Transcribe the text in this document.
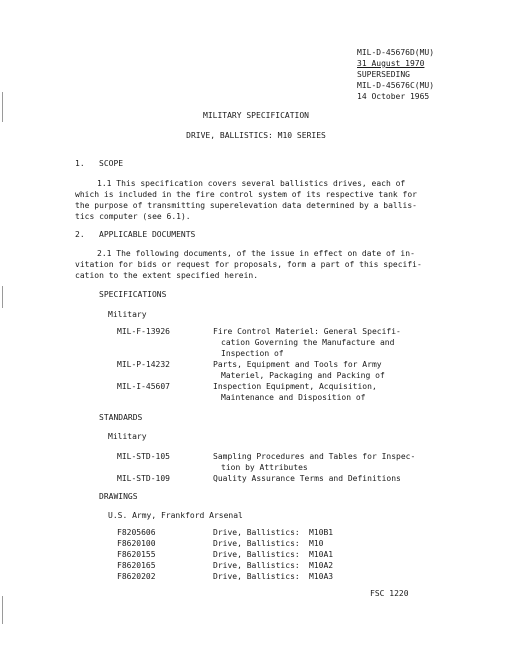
MIL-D-45676D(MU)
31 August 1970
SUPERSEDING
MIL-D-45676C(MU)
14 October 1965
MILITARY SPECIFICATION
DRIVE, BALLISTICS: M10 SERIES
1. SCOPE
1.1 This specification covers several ballistics drives, each of
which is included in the fire control system of its respective tank for
the purpose of transmitting superelevation data determined by a ballis-
tics computer (see 6.1).
2. APPLICABLE DOCUMENTS
2.1 The following documents, of the issue in effect on date of in-
vitation for bids or request for proposals, form a part of this specifi-
cation to the extent specified herein.
SPECIFICATIONS
Military
MIL-F-13926	Fire Control Materiel: General Specifi-
cation Governing the Manufacture and
Inspection of
MIL-P-14232	Parts, Equipment and Tools for Army
Materiel, Packaging and Packing of
MIL-I-45607	Inspection Equipment, Acquisition,
Maintenance and Disposition of
STANDARDS
Military
MIL-STD-105	Sampling Procedures and Tables for Inspec-
tion by Attributes
MIL-STD-109	Quality Assurance Terms and Definitions
DRAWINGS
U.S. Army, Frankford Arsenal
F8205606	Drive, Ballistics: M10B1
F8620100	Drive, Ballistics: M10
F8620155	Drive, Ballistics: M10A1
F8620165	Drive, Ballistics: M10A2
F8620202	Drive, Ballistics: M10A3
FSC 1220
